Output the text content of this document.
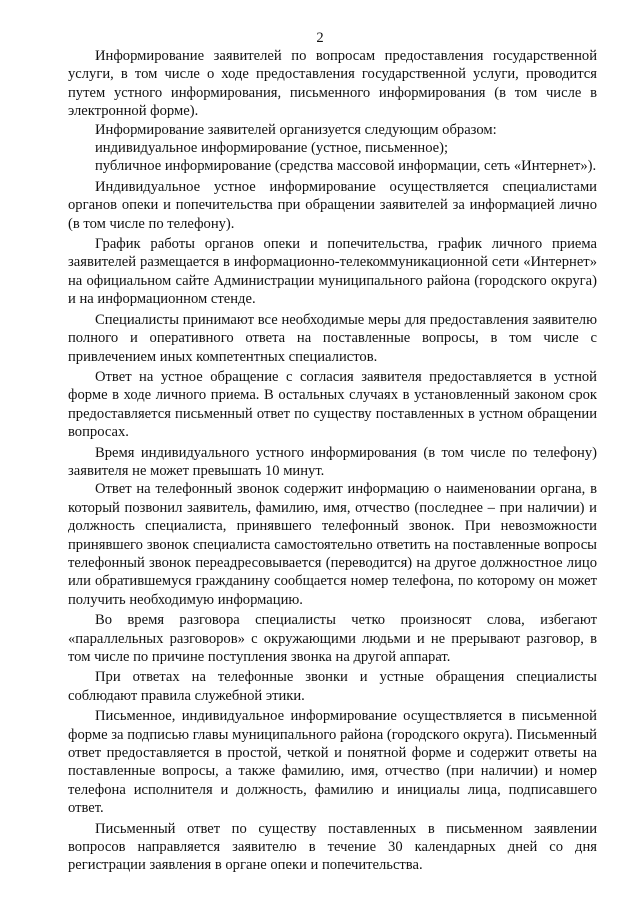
2

Информирование заявителей по вопросам предоставления государственной услуги, в том числе о ходе предоставления государственной услуги, проводится путем устного информирования, письменного информирования (в том числе в электронной форме).

Информирование заявителей организуется следующим образом:

индивидуальное информирование (устное, письменное);

публичное информирование (средства массовой информации, сеть «Интернет»).

Индивидуальное устное информирование осуществляется специалистами органов опеки и попечительства при обращении заявителей за информацией лично (в том числе по телефону).

График работы органов опеки и попечительства, график личного приема заявителей размещается в информационно-телекоммуникационной сети «Интернет» на официальном сайте Администрации муниципального района (городского округа) и на информационном стенде.

Специалисты принимают все необходимые меры для предоставления заявителю полного и оперативного ответа на поставленные вопросы, в том числе с привлечением иных компетентных специалистов.

Ответ на устное обращение с согласия заявителя предоставляется в устной форме в ходе личного приема. В остальных случаях в установленный законом срок предоставляется письменный ответ по существу поставленных в устном обращении вопросах.

Время индивидуального устного информирования (в том числе по телефону) заявителя не может превышать 10 минут.

Ответ на телефонный звонок содержит информацию о наименовании органа, в который позвонил заявитель, фамилию, имя, отчество (последнее – при наличии) и должность специалиста, принявшего телефонный звонок. При невозможности принявшего звонок специалиста самостоятельно ответить на поставленные вопросы телефонный звонок переадресовывается (переводится) на другое должностное лицо или обратившемуся гражданину сообщается номер телефона, по которому он может получить необходимую информацию.

Во время разговора специалисты четко произносят слова, избегают «параллельных разговоров» с окружающими людьми и не прерывают разговор, в том числе по причине поступления звонка на другой аппарат.

При ответах на телефонные звонки и устные обращения специалисты соблюдают правила служебной этики.

Письменное, индивидуальное информирование осуществляется в письменной форме за подписью главы муниципального района (городского округа). Письменный ответ предоставляется в простой, четкой и понятной форме и содержит ответы на поставленные вопросы, а также фамилию, имя, отчество (при наличии) и номер телефона исполнителя и должность, фамилию и инициалы лица, подписавшего ответ.

Письменный ответ по существу поставленных в письменном заявлении вопросов направляется заявителю в течение 30 календарных дней со дня регистрации заявления в органе опеки и попечительства.
